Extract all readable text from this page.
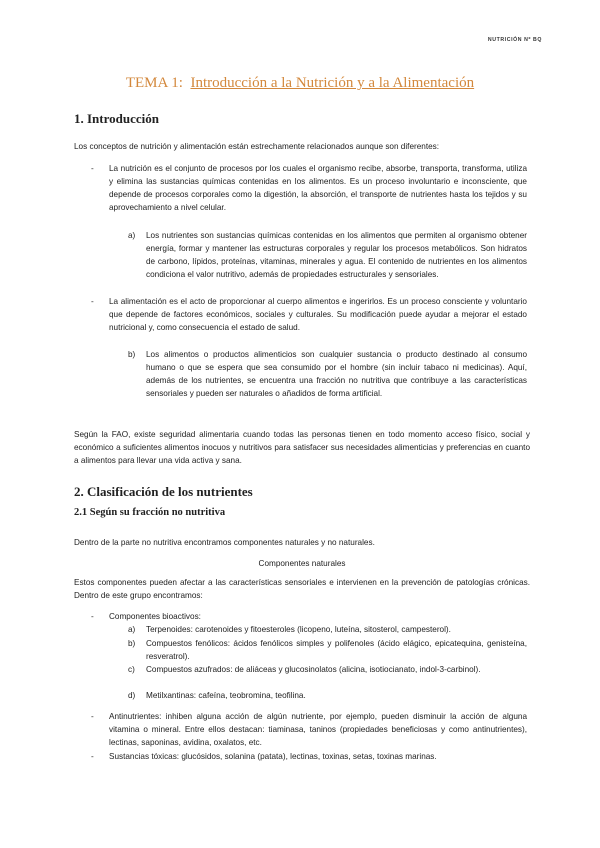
NUTRICIÓN Nº BQ
TEMA 1: Introducción a la Nutrición y a la Alimentación
1. Introducción

Los conceptos de nutrición y alimentación están estrechamente relacionados aunque son diferentes:

- La nutrición es el conjunto de procesos por los cuales el organismo recibe, absorbe, transporta, transforma, utiliza y elimina las sustancias químicas contenidas en los alimentos. Es un proceso involuntario e inconsciente, que depende de procesos corporales como la digestión, la absorción, el transporte de nutrientes hasta los tejidos y su aprovechamiento a nivel celular.

a) Los nutrientes son sustancias químicas contenidas en los alimentos que permiten al organismo obtener energía, formar y mantener las estructuras corporales y regular los procesos metabólicos. Son hidratos de carbono, lípidos, proteínas, vitaminas, minerales y agua. El contenido de nutrientes en los alimentos condiciona el valor nutritivo, además de propiedades estructurales y sensoriales.

- La alimentación es el acto de proporcionar al cuerpo alimentos e ingerirlos. Es un proceso consciente y voluntario que depende de factores económicos, sociales y culturales. Su modificación puede ayudar a mejorar el estado nutricional y, como consecuencia el estado de salud.

b) Los alimentos o productos alimenticios son cualquier sustancia o producto destinado al consumo humano o que se espera que sea consumido por el hombre (sin incluir tabaco ni medicinas). Aquí, además de los nutrientes, se encuentra una fracción no nutritiva que contribuye a las características sensoriales y pueden ser naturales o añadidos de forma artificial.

Según la FAO, existe seguridad alimentaria cuando todas las personas tienen en todo momento acceso físico, social y económico a suficientes alimentos inocuos y nutritivos para satisfacer sus necesidades alimenticias y preferencias en cuanto a alimentos para llevar una vida activa y sana.

2. Clasificación de los nutrientes
2.1 Según su fracción no nutritiva

Dentro de la parte no nutritiva encontramos componentes naturales y no naturales.

Componentes naturales

Estos componentes pueden afectar a las características sensoriales e intervienen en la prevención de patologías crónicas. Dentro de este grupo encontramos:

- Componentes bioactivos:

a) Terpenoides: carotenoides y fitoesteroles (licopeno, luteína, sitosterol, campesterol).

b) Compuestos fenólicos: ácidos fenólicos simples y polifenoles (ácido elágico, epicatequina, genisteína, resveratrol).

c) Compuestos azufrados: de aliáceas y glucosinolatos (alicina, isotiocianato, indol-3-carbinol).

d) Metilxantinas: cafeína, teobromina, teofilina.

- Antinutrientes: inhiben alguna acción de algún nutriente, por ejemplo, pueden disminuir la acción de alguna vitamina o mineral. Entre ellos destacan: tiaminasa, taninos (propiedades beneficiosas y como antinutrientes), lectinas, saponinas, avidina, oxalatos, etc.

- Sustancias tóxicas: glucósidos, solanina (patata), lectinas, toxinas, setas, toxinas marinas.
